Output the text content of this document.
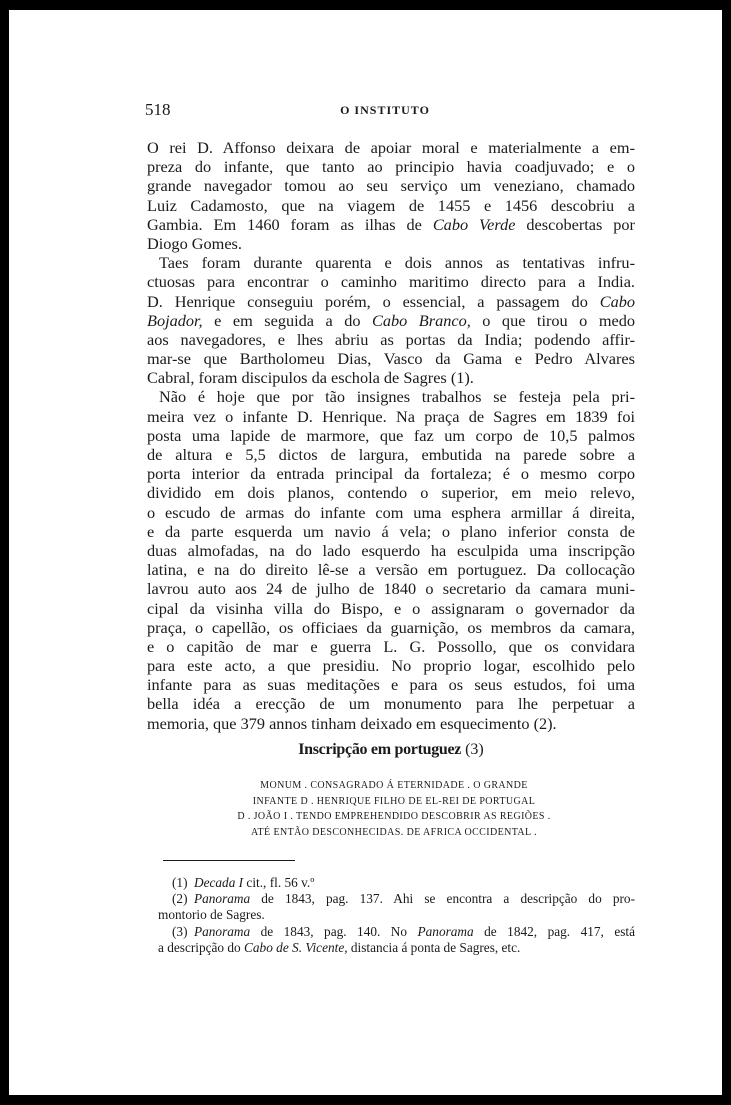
518	O INSTITUTO
O rei D. Affonso deixara de apoiar moral e materialmente a em-
preza do infante, que tanto ao principio havia coadjuvado; e o
grande navegador tomou ao seu serviço um veneziano, chamado
Luiz Cadamosto, que na viagem de 1455 e 1456 descobriu a
Gambia. Em 1460 foram as ilhas de Cabo Verde descobertas por
Diogo Gomes.
Taes foram durante quarenta e dois annos as tentativas infru-
ctuosas para encontrar o caminho maritimo directo para a India.
D. Henrique conseguiu porém, o essencial, a passagem do Cabo
Bojador, e em seguida a do Cabo Branco, o que tirou o medo
aos navegadores, e lhes abriu as portas da India; podendo affir-
mar-se que Bartholomeu Dias, Vasco da Gama e Pedro Alvares
Cabral, foram discipulos da eschola de Sagres (1).
Não é hoje que por tão insignes trabalhos se festeja pela pri-
meira vez o infante D. Henrique. Na praça de Sagres em 1839 foi
posta uma lapide de marmore, que faz um corpo de 10,5 palmos
de altura e 5,5 dictos de largura, embutida na parede sobre a
porta interior da entrada principal da fortaleza; é o mesmo corpo
dividido em dois planos, contendo o superior, em meio relevo,
o escudo de armas do infante com uma esphera armillar á direita,
e da parte esquerda um navio á vela; o plano inferior consta de
duas almofadas, na do lado esquerdo ha esculpida uma inscripção
latina, e na do direito lê-se a versão em portuguez. Da collocação
lavrou auto aos 24 de julho de 1840 o secretario da camara muni-
cipal da visinha villa do Bispo, e o assignaram o governador da
praça, o capellão, os officiaes da guarnição, os membros da camara,
e o capitão de mar e guerra L. G. Possollo, que os convidara
para este acto, a que presidiu. No proprio logar, escolhido pelo
infante para as suas meditações e para os seus estudos, foi uma
bella idéa a erecção de um monumento para lhe perpetuar a
memoria, que 379 annos tinham deixado em esquecimento (2).
Inscripção em portuguez (3)
MONUM . CONSAGRADO Á ETERNIDADE . O GRANDE
INFANTE D . HENRIQUE FILHO DE EL-REI DE PORTUGAL
D . JOÃO I . TENDO EMPREHENDIDO DESCOBRIR AS REGIÕES .
ATÉ ENTÃO DESCONHECIDAS. DE AFRICA OCCIDENTAL .
(1) Decada I cit., fl. 56 v.º
(2) Panorama de 1843, pag. 137. Ahi se encontra a descripção do pro-
montorio de Sagres.
(3) Panorama de 1843, pag. 140. No Panorama de 1842, pag. 417, está
a descripção do Cabo de S. Vicente, distancia á ponta de Sagres, etc.
